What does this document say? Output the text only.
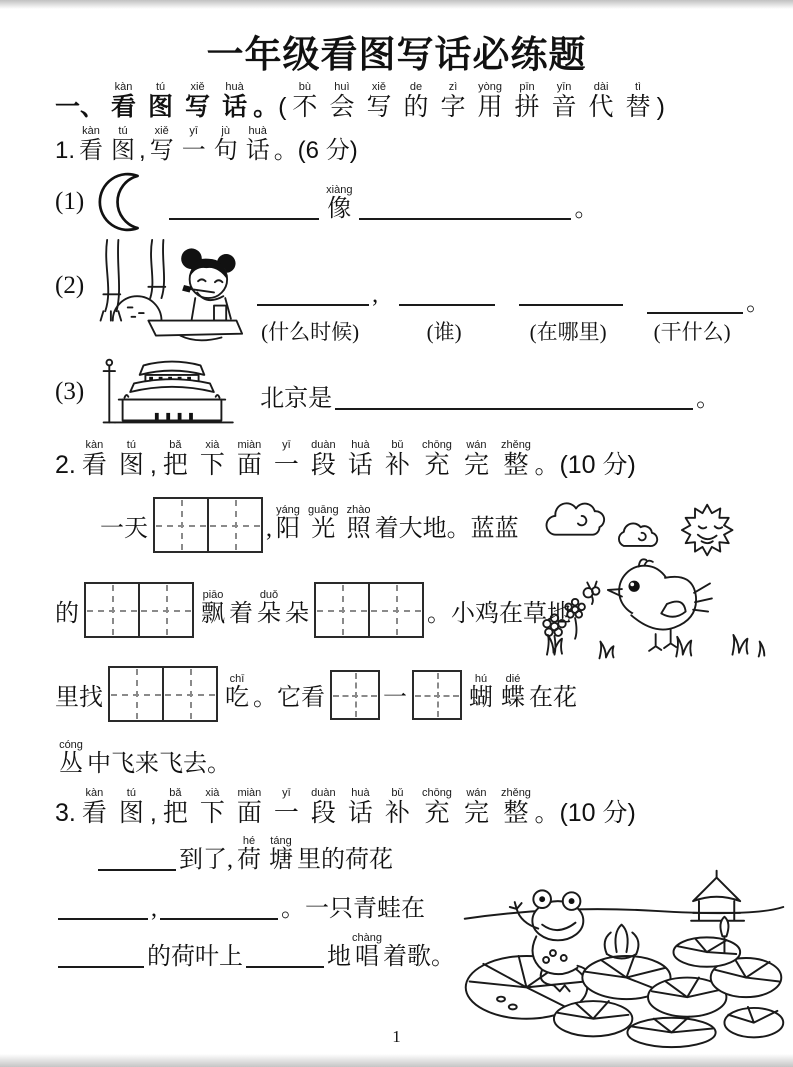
一年级看图写话必练题
一、 看kàn图tú写xiě话huà。( 不bù会huì写xiě的de字zì用yòng拼pīn音yīn代dài替tì)
1. 看kàn图tú, 写xiě一yī句jù话huà。(6 分)
(1)	像xiàng。
(2)	,
(什么时候)	(谁)	(在哪里)
。
(干什么)
(3)	北京是	。
2. 看kàn图tú, 把bǎ下xià面miàn一yī段duàn话huà补bǔ充chōng完wán整zhěng。(10 分)
一天	, 阳yáng光guāng照zhào着大地。蓝蓝
的	飘piāo着 朵duǒ朵	。小鸡在草地
里找	吃chī。它看 一	蝴hú蝶dié在花
丛cóng中飞来飞去。
3. 看kàn图tú, 把bǎ下xià面miàn一yī段duàn话huà补bǔ充chōng完wán整zhěng。(10 分)
到了, 荷hé塘táng里的荷花
,	。一只青蛙在
的荷叶上	地唱chàng着歌。
1
